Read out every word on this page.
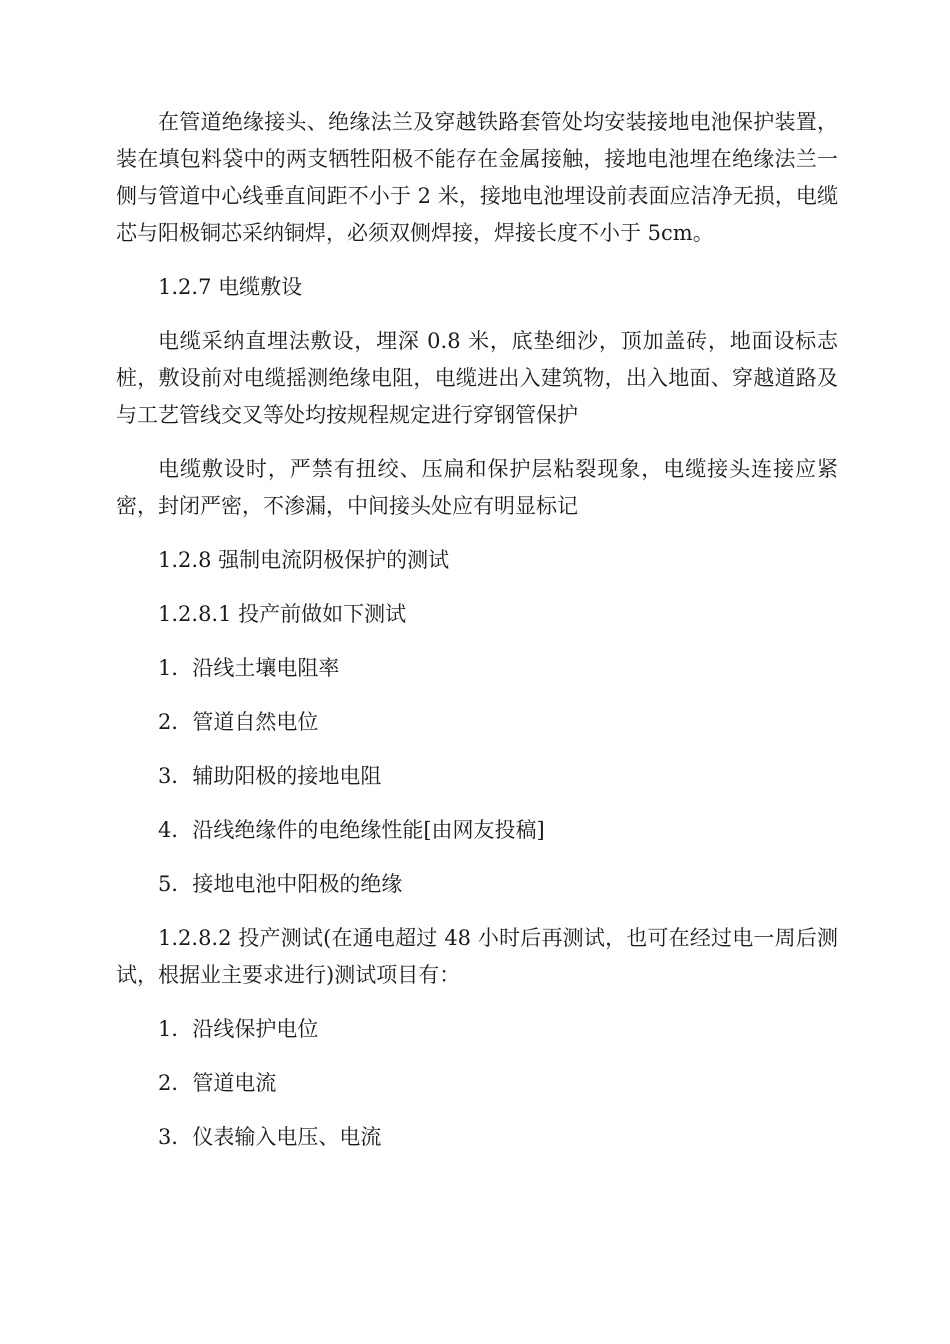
在管道绝缘接头、绝缘法兰及穿越铁路套管处均安装接地电池保护装置，装在填包料袋中的两支牺牲阳极不能存在金属接触，接地电池埋在绝缘法兰一侧与管道中心线垂直间距不小于 2 米，接地电池埋设前表面应洁净无损，电缆芯与阳极铜芯采纳铜焊，必须双侧焊接，焊接长度不小于 5cm。

1.2.7 电缆敷设

电缆采纳直埋法敷设，埋深 0.8 米，底垫细沙，顶加盖砖，地面设标志桩，敷设前对电缆摇测绝缘电阻，电缆进出入建筑物，出入地面、穿越道路及与工艺管线交叉等处均按规程规定进行穿钢管保护

电缆敷设时，严禁有扭绞、压扁和保护层粘裂现象，电缆接头连接应紧密，封闭严密，不渗漏，中间接头处应有明显标记

1.2.8 强制电流阴极保护的测试

1.2.8.1 投产前做如下测试

1．沿线土壤电阻率

2．管道自然电位

3．辅助阳极的接地电阻

4．沿线绝缘件的电绝缘性能[由网友投稿]

5．接地电池中阳极的绝缘

1.2.8.2 投产测试(在通电超过 48 小时后再测试，也可在经过电一周后测试，根据业主要求进行)测试项目有：

1．沿线保护电位

2．管道电流

3．仪表输入电压、电流
